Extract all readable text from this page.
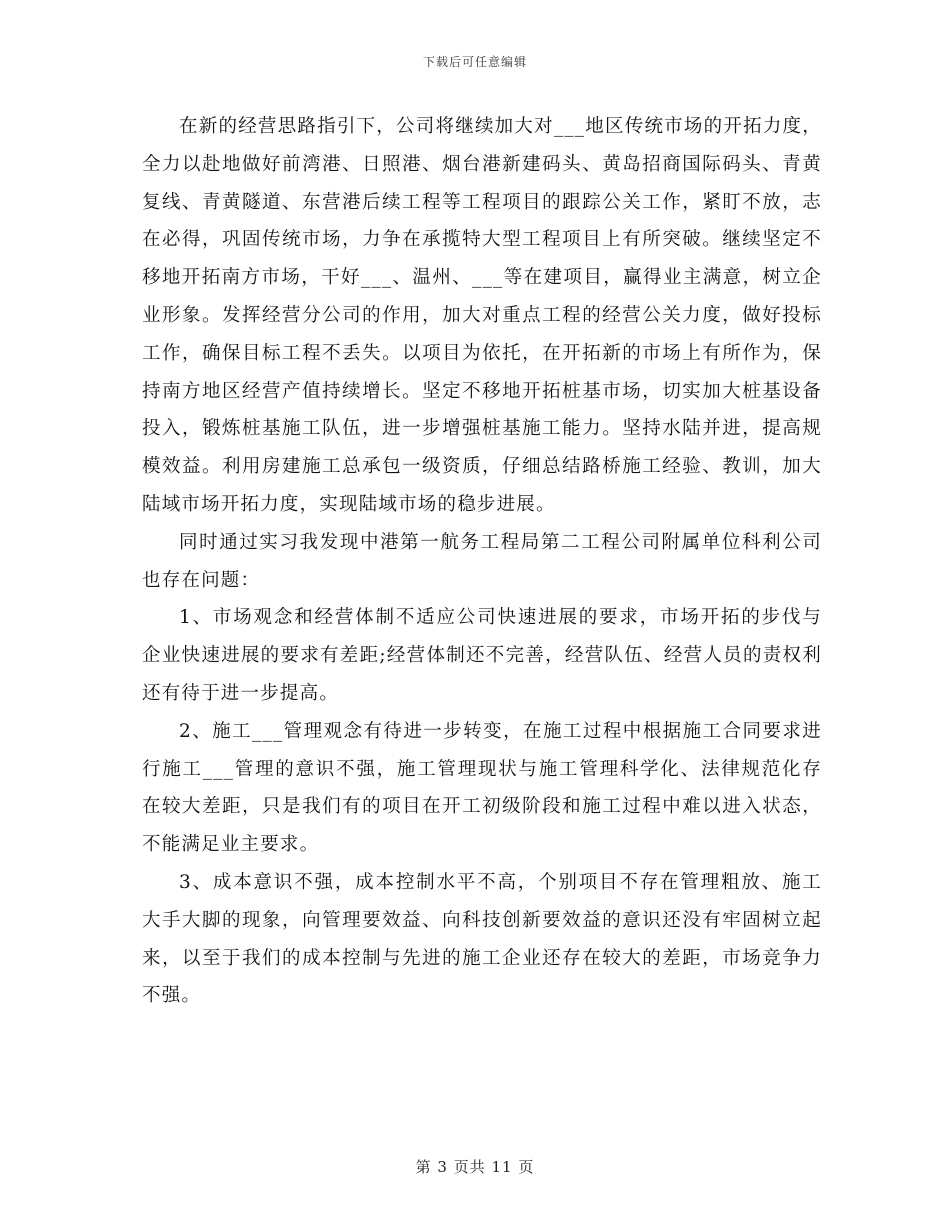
下载后可任意编辑

在新的经营思路指引下，公司将继续加大对___地区传统市场的开拓力度，全力以赴地做好前湾港、日照港、烟台港新建码头、黄岛招商国际码头、青黄复线、青黄隧道、东营港后续工程等工程项目的跟踪公关工作，紧盯不放，志在必得，巩固传统市场，力争在承揽特大型工程项目上有所突破。继续坚定不移地开拓南方市场，干好___、温州、___等在建项目，赢得业主满意，树立企业形象。发挥经营分公司的作用，加大对重点工程的经营公关力度，做好投标工作，确保目标工程不丢失。以项目为依托，在开拓新的市场上有所作为，保持南方地区经营产值持续增长。坚定不移地开拓桩基市场，切实加大桩基设备投入，锻炼桩基施工队伍，进一步增强桩基施工能力。坚持水陆并进，提高规模效益。利用房建施工总承包一级资质，仔细总结路桥施工经验、教训，加大陆域市场开拓力度，实现陆域市场的稳步进展。

同时通过实习我发现中港第一航务工程局第二工程公司附属单位科利公司也存在问题：

1、市场观念和经营体制不适应公司快速进展的要求，市场开拓的步伐与企业快速进展的要求有差距;经营体制还不完善，经营队伍、经营人员的责权利还有待于进一步提高。

2、施工___管理观念有待进一步转变，在施工过程中根据施工合同要求进行施工___管理的意识不强，施工管理现状与施工管理科学化、法律规范化存在较大差距，只是我们有的项目在开工初级阶段和施工过程中难以进入状态，不能满足业主要求。

3、成本意识不强，成本控制水平不高，个别项目不存在管理粗放、施工大手大脚的现象，向管理要效益、向科技创新要效益的意识还没有牢固树立起来，以至于我们的成本控制与先进的施工企业还存在较大的差距，市场竞争力不强。

第 3 页共 11 页
